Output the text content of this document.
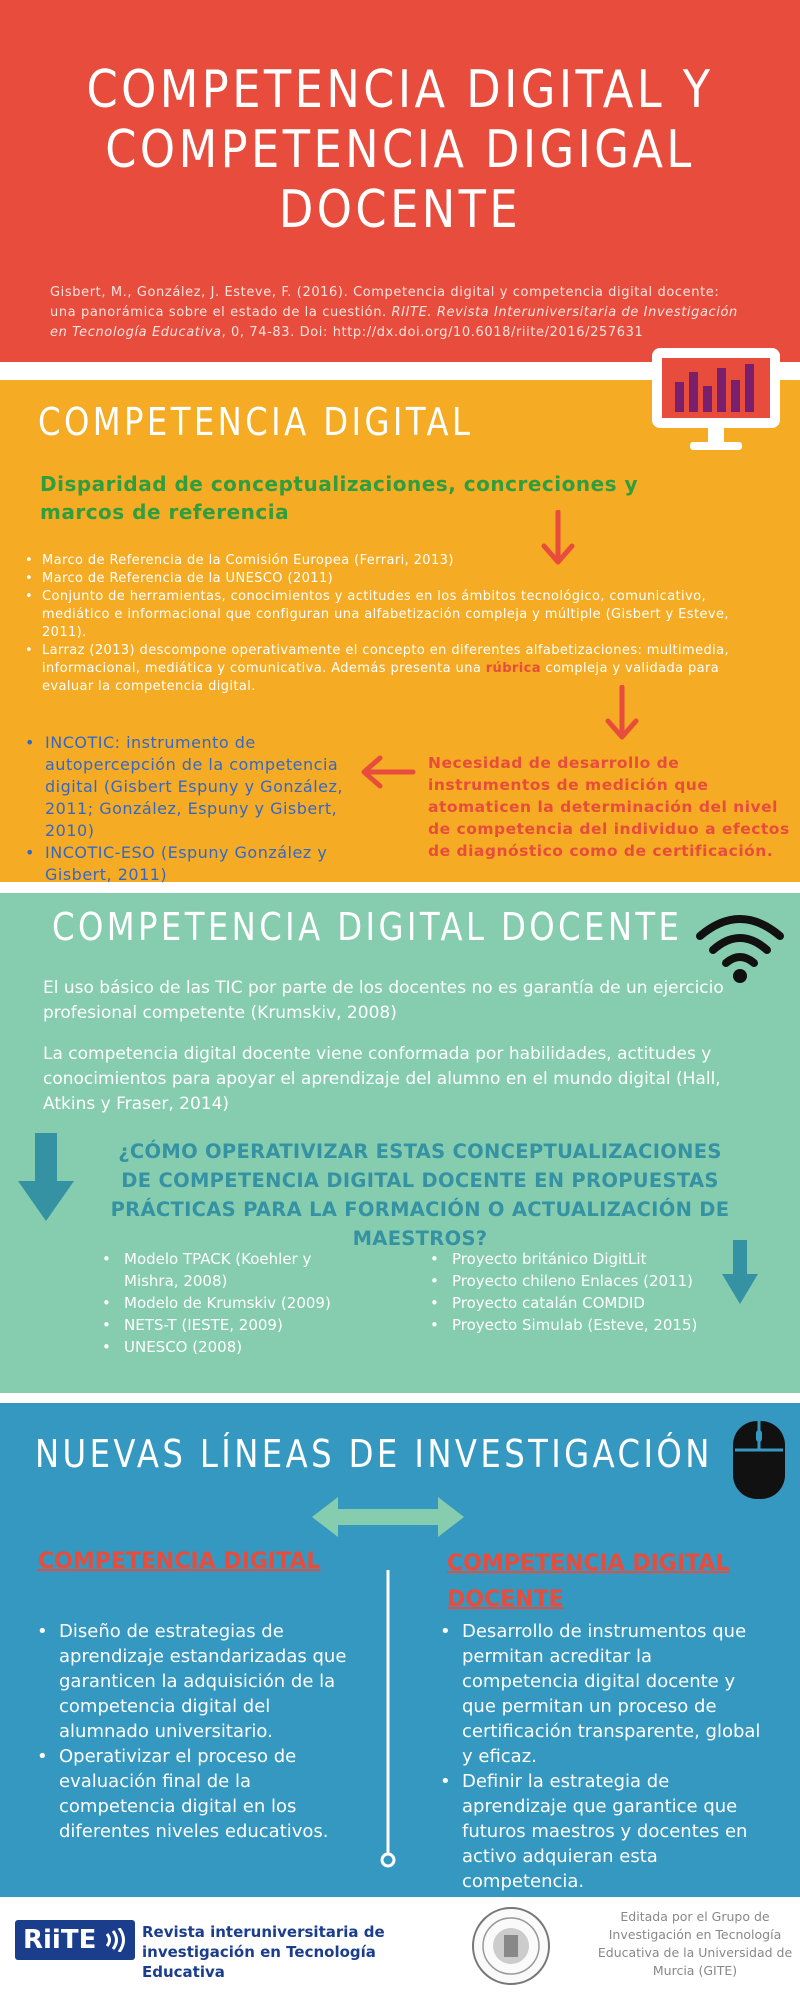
COMPETENCIA DIGITAL Y COMPETENCIA DIGIGAL DOCENTE
Gisbert, M., González, J. Esteve, F. (2016). Competencia digital y competencia digital docente: una panorámica sobre el estado de la cuestión. RIITE. Revista Interuniversitaria de Investigación en Tecnología Educativa, 0, 74-83. Doi: http://dx.doi.org/10.6018/riite/2016/257631
COMPETENCIA DIGITAL
Disparidad de conceptualizaciones, concreciones y marcos de referencia
• Marco de Referencia de la Comisión Europea (Ferrari, 2013)
• Marco de Referencia de la UNESCO (2011)
• Conjunto de herramientas, conocimientos y actitudes en los ámbitos tecnológico, comunicativo, mediático e informacional que configuran una alfabetización compleja y múltiple (Gisbert y Esteve, 2011).
• Larraz (2013) descompone operativamente el concepto en diferentes alfabetizaciones: multimedia, informacional, mediática y comunicativa. Además presenta una rúbrica compleja y validada para evaluar la competencia digital.
• INCOTIC: instrumento de autopercepción de la competencia digital (Gisbert Espuny y González, 2011; González, Espuny y Gisbert, 2010)
• INCOTIC-ESO (Espuny González y Gisbert, 2011)
Necesidad de desarrollo de instrumentos de medición que atomaticen la determinación del nivel de competencia del individuo a efectos de diagnóstico como de certificación.
COMPETENCIA DIGITAL DOCENTE

El uso básico de las TIC por parte de los docentes no es garantía de un ejercicio profesional competente (Krumskiv, 2008)

La competencia digital docente viene conformada por habilidades, actitudes y conocimientos para apoyar el aprendizaje del alumno en el mundo digital (Hall, Atkins y Fraser, 2014)

¿CÓMO OPERATIVIZAR ESTAS CONCEPTUALIZACIONES DE COMPETENCIA DIGITAL DOCENTE EN PROPUESTAS PRÁCTICAS PARA LA FORMACIÓN O ACTUALIZACIÓN DE MAESTROS?
• Modelo TPACK (Koehler y Mishra, 2008)
• Modelo de Krumskiv (2009)
• NETS-T (IESTE, 2009)
• UNESCO (2008)
• Proyecto británico DigitLit
• Proyecto chileno Enlaces (2011)
• Proyecto catalán COMDID
• Proyecto Simulab (Esteve, 2015)
NUEVAS LÍNEAS DE INVESTIGACIÓN
COMPETENCIA DIGITAL	COMPETENCIA DIGITAL DOCENTE
• Diseño de estrategias de aprendizaje estandarizadas que garanticen la adquisición de la competencia digital del alumnado universitario.
• Operativizar el proceso de evaluación final de la competencia digital en los diferentes niveles educativos.
• Desarrollo de instrumentos que permitan acreditar la competencia digital docente y que permitan un proceso de certificación transparente, global y eficaz.
• Definir la estrategia de aprendizaje que garantice que futuros maestros y docentes en activo adquieran esta competencia.
RiiTE	Revista interuniversitaria de investigación en Tecnología Educativa
Editada por el Grupo de Investigación en Tecnología Educativa de la Universidad de Murcia (GITE)
